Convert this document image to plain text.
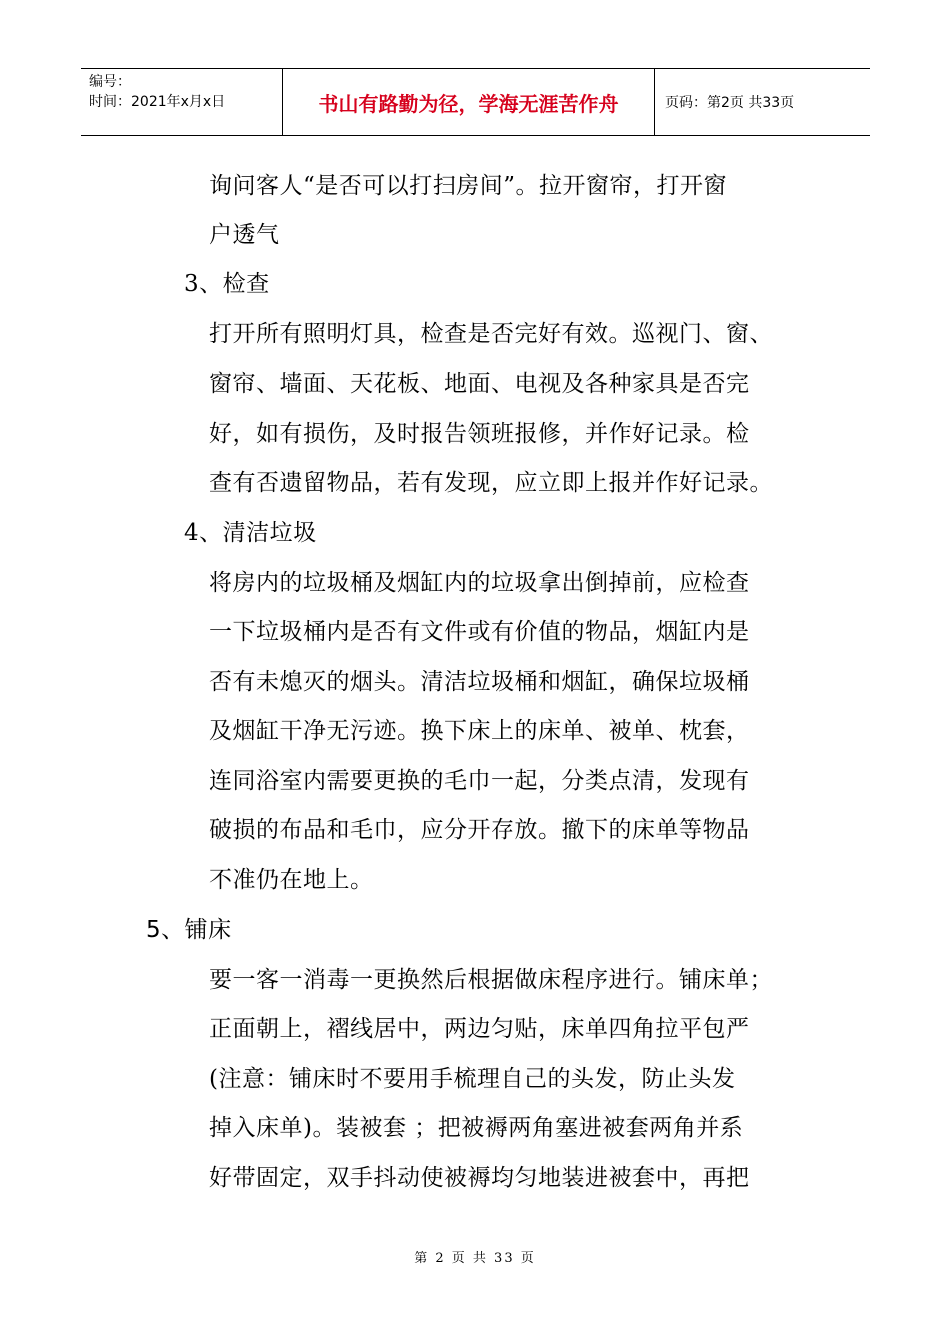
编号：
时间：2021年x月x日	书山有路勤为径，学海无涯苦作舟	页码：第2页 共33页
询问客人“是否可以打扫房间”。拉开窗帘，打开窗
户透气
3、检查
打开所有照明灯具，检查是否完好有效。巡视门、窗、
窗帘、墙面、天花板、地面、电视及各种家具是否完
好，如有损伤，及时报告领班报修，并作好记录。检
查有否遗留物品，若有发现，应立即上报并作好记录。
4、清洁垃圾
将房内的垃圾桶及烟缸内的垃圾拿出倒掉前，应检查
一下垃圾桶内是否有文件或有价值的物品，烟缸内是
否有未熄灭的烟头。清洁垃圾桶和烟缸，确保垃圾桶
及烟缸干净无污迹。换下床上的床单、被单、枕套，
连同浴室内需要更换的毛巾一起，分类点清，发现有
破损的布品和毛巾，应分开存放。撤下的床单等物品
不准仍在地上。
5、铺床
要一客一消毒一更换然后根据做床程序进行。铺床单；
正面朝上，褶线居中，两边匀贴，床单四角拉平包严
(注意：铺床时不要用手梳理自己的头发，防止头发
掉入床单)。装被套 ；把被褥两角塞进被套两角并系
好带固定，双手抖动使被褥均匀地装进被套中，再把
第 2 页 共 33 页
